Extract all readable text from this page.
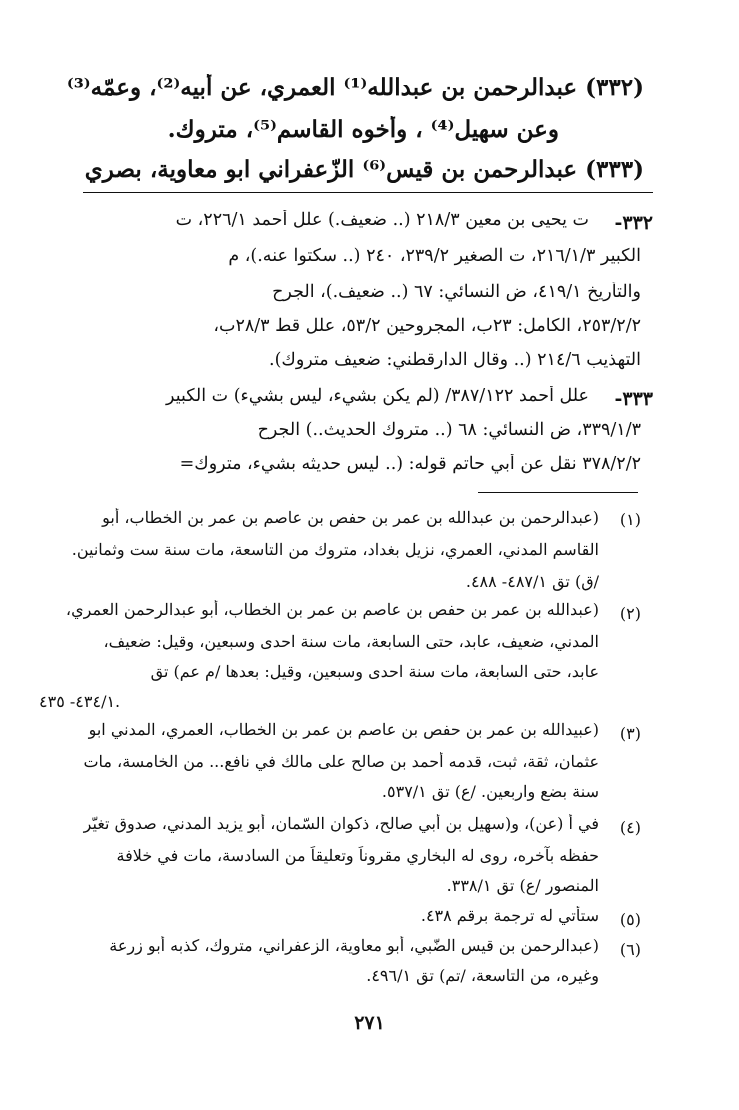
(٣٣٢) عبدالرحمن بن عبدالله⁽¹⁾ العمري، عن أبيه⁽²⁾، وعمّه⁽³⁾
وعن سهيل⁽⁴⁾ ، وأخوه القاسم⁽⁵⁾، متروك.
(٣٣٣) عبدالرحمن بن قيس⁽⁶⁾ الزّعفراني ابو معاوية، بصري
٣٣٢-
ت يحيى بن معين ٢١٨/٣ (.. ضعيف.) علل أحمد ٢٢٦/١، ت
الكبير ٢١٦/١/٣، ت الصغير ٢٣٩/٢، ٢٤٠ (.. سكتوا عنه.)، م
والتأريخ ٤١٩/١، ض النسائي: ٦٧ (.. ضعيف.)، الجرح
٢٥٣/٢/٢، الكامل: ٢٣ب، المجروحين ٥٣/٢، علل قط ٢٨/٣ب،
التهذيب ٢١٤/٦ (.. وقال الدارقطني: ضعيف متروك).
٣٣٣-
علل أحمد ٣٨٧/١٢٢/ (لم يكن بشيء، ليس بشيء) ت الكبير
٣٣٩/١/٣، ض النسائي: ٦٨ (.. متروك الحديث..) الجرح
٣٧٨/٢/٢ نقل عن أبي حاتم قوله: (.. ليس حديثه بشيء، متروك=
(١)
(عبدالرحمن بن عبدالله بن عمر بن حفص بن عاصم بن عمر بن الخطاب، أبو
القاسم المدني، العمري، نزيل بغداد، متروك من التاسعة، مات سنة ست وثمانين.
/ق) تق ٤٨٧/١- ٤٨٨.
(٢)
(عبدالله بن عمر بن حفص بن عاصم بن عمر بن الخطاب، أبو عبدالرحمن العمري،
المدني، ضعيف، عابد، حتى السابعة، مات سنة احدى وسبعين، وقيل: ضعيف،
عابد، حتى السابعة، مات سنة احدى وسبعين، وقيل: بعدها /م عم) تق
٤٣٤/١- ٤٣٥.
(٣)
(عبيدالله بن عمر بن حفص بن عاصم بن عمر بن الخطاب، العمري، المدني ابو
عثمان، ثقة، ثبت، قدمه أحمد بن صالح على مالك في نافع... من الخامسة، مات
سنة بضع واربعين. /ع) تق ٥٣٧/١.
(٤)
في أ (عن)، و(سهيل بن أبي صالح، ذكوان السّمان، أبو يزيد المدني، صدوق تغيّر
حفظه بآخره، روى له البخاري مقروناً وتعليقاً من السادسة، مات في خلافة
المنصور /ع) تق ٣٣٨/١.
(٥)
ستأتي له ترجمة برقم ٤٣٨.
(٦)
(عبدالرحمن بن قيس الضّبي، أبو معاوية، الزعفراني، متروك، كذبه أبو زرعة
وغيره، من التاسعة، /تم) تق ٤٩٦/١.
٢٧١
